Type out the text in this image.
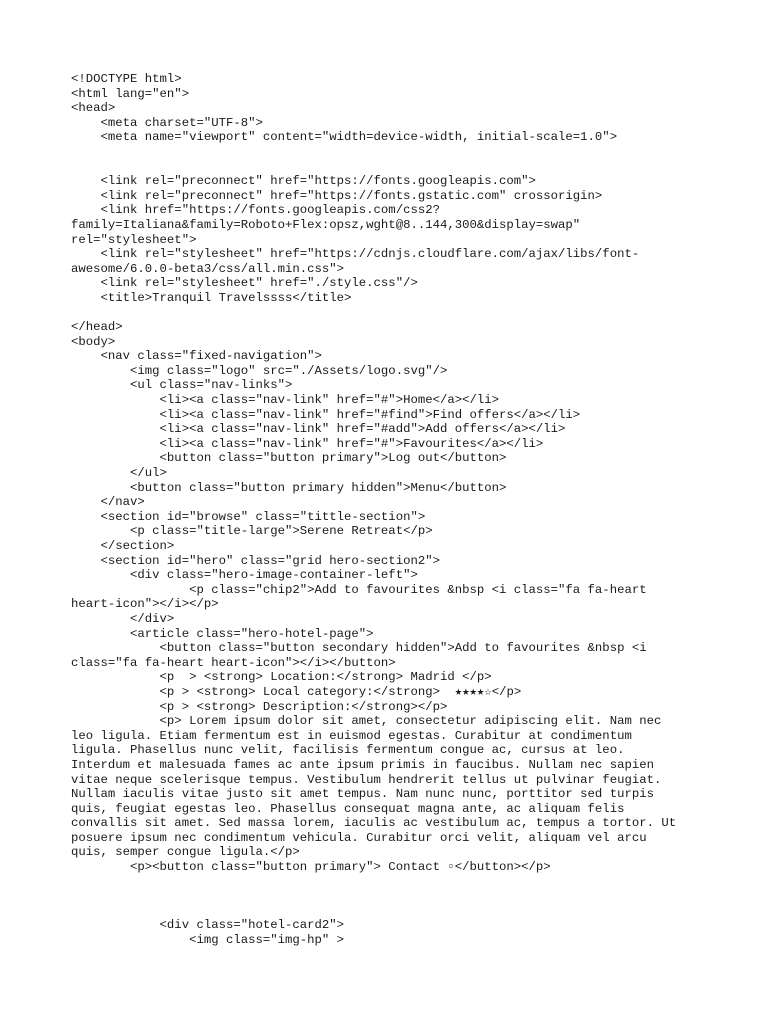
<!DOCTYPE html>
<html lang="en">
<head>
<meta charset="UTF-8">
<meta name="viewport" content="width=device-width, initial-scale=1.0">
<link rel="preconnect" href="https://fonts.googleapis.com">
<link rel="preconnect" href="https://fonts.gstatic.com" crossorigin>
<link href="https://fonts.googleapis.com/css2?
family=Italiana&family=Roboto+Flex:opsz,wght@8..144,300&display=swap"
rel="stylesheet">
<link rel="stylesheet" href="https://cdnjs.cloudflare.com/ajax/libs/font-
awesome/6.0.0-beta3/css/all.min.css">
<link rel="stylesheet" href="./style.css"/>
<title>Tranquil Travelssss</title>
</head>
<body>
<nav class="fixed-navigation">
<img class="logo" src="./Assets/logo.svg"/>
<ul class="nav-links">
<li><a class="nav-link" href="#">Home</a></li>
<li><a class="nav-link" href="#find">Find offers</a></li>
<li><a class="nav-link" href="#add">Add offers</a></li>
<li><a class="nav-link" href="#">Favourites</a></li>
<button class="button primary">Log out</button>
</ul>
<button class="button primary hidden">Menu</button>
</nav>
<section id="browse" class="tittle-section">
<p class="title-large">Serene Retreat</p>
</section>
<section id="hero" class="grid hero-section2">
<div class="hero-image-container-left">
<p class="chip2">Add to favourites &nbsp <i class="fa fa-heart
heart-icon"></i></p>
</div>
<article class="hero-hotel-page">
<button class="button secondary hidden">Add to favourites &nbsp <i
class="fa fa-heart heart-icon"></i></button>
<p  > <strong> Location:</strong> Madrid </p>
<p > <strong> Local category:</strong>  ★★★★☆</p>
<p > <strong> Description:</strong></p>
<p> Lorem ipsum dolor sit amet, consectetur adipiscing elit. Nam nec
leo ligula. Etiam fermentum est in euismod egestas. Curabitur at condimentum
ligula. Phasellus nunc velit, facilisis fermentum congue ac, cursus at leo.
Interdum et malesuada fames ac ante ipsum primis in faucibus. Nullam nec sapien
vitae neque scelerisque tempus. Vestibulum hendrerit tellus ut pulvinar feugiat.
Nullam iaculis vitae justo sit amet tempus. Nam nunc nunc, porttitor sed turpis
quis, feugiat egestas leo. Phasellus consequat magna ante, ac aliquam felis
convallis sit amet. Sed massa lorem, iaculis ac vestibulum ac, tempus a tortor. Ut
posuere ipsum nec condimentum vehicula. Curabitur orci velit, aliquam vel arcu
quis, semper congue ligula.</p>
<p><button class="button primary"> Contact ▫</button></p>
<div class="hotel-card2">
<img class="img-hp" >
